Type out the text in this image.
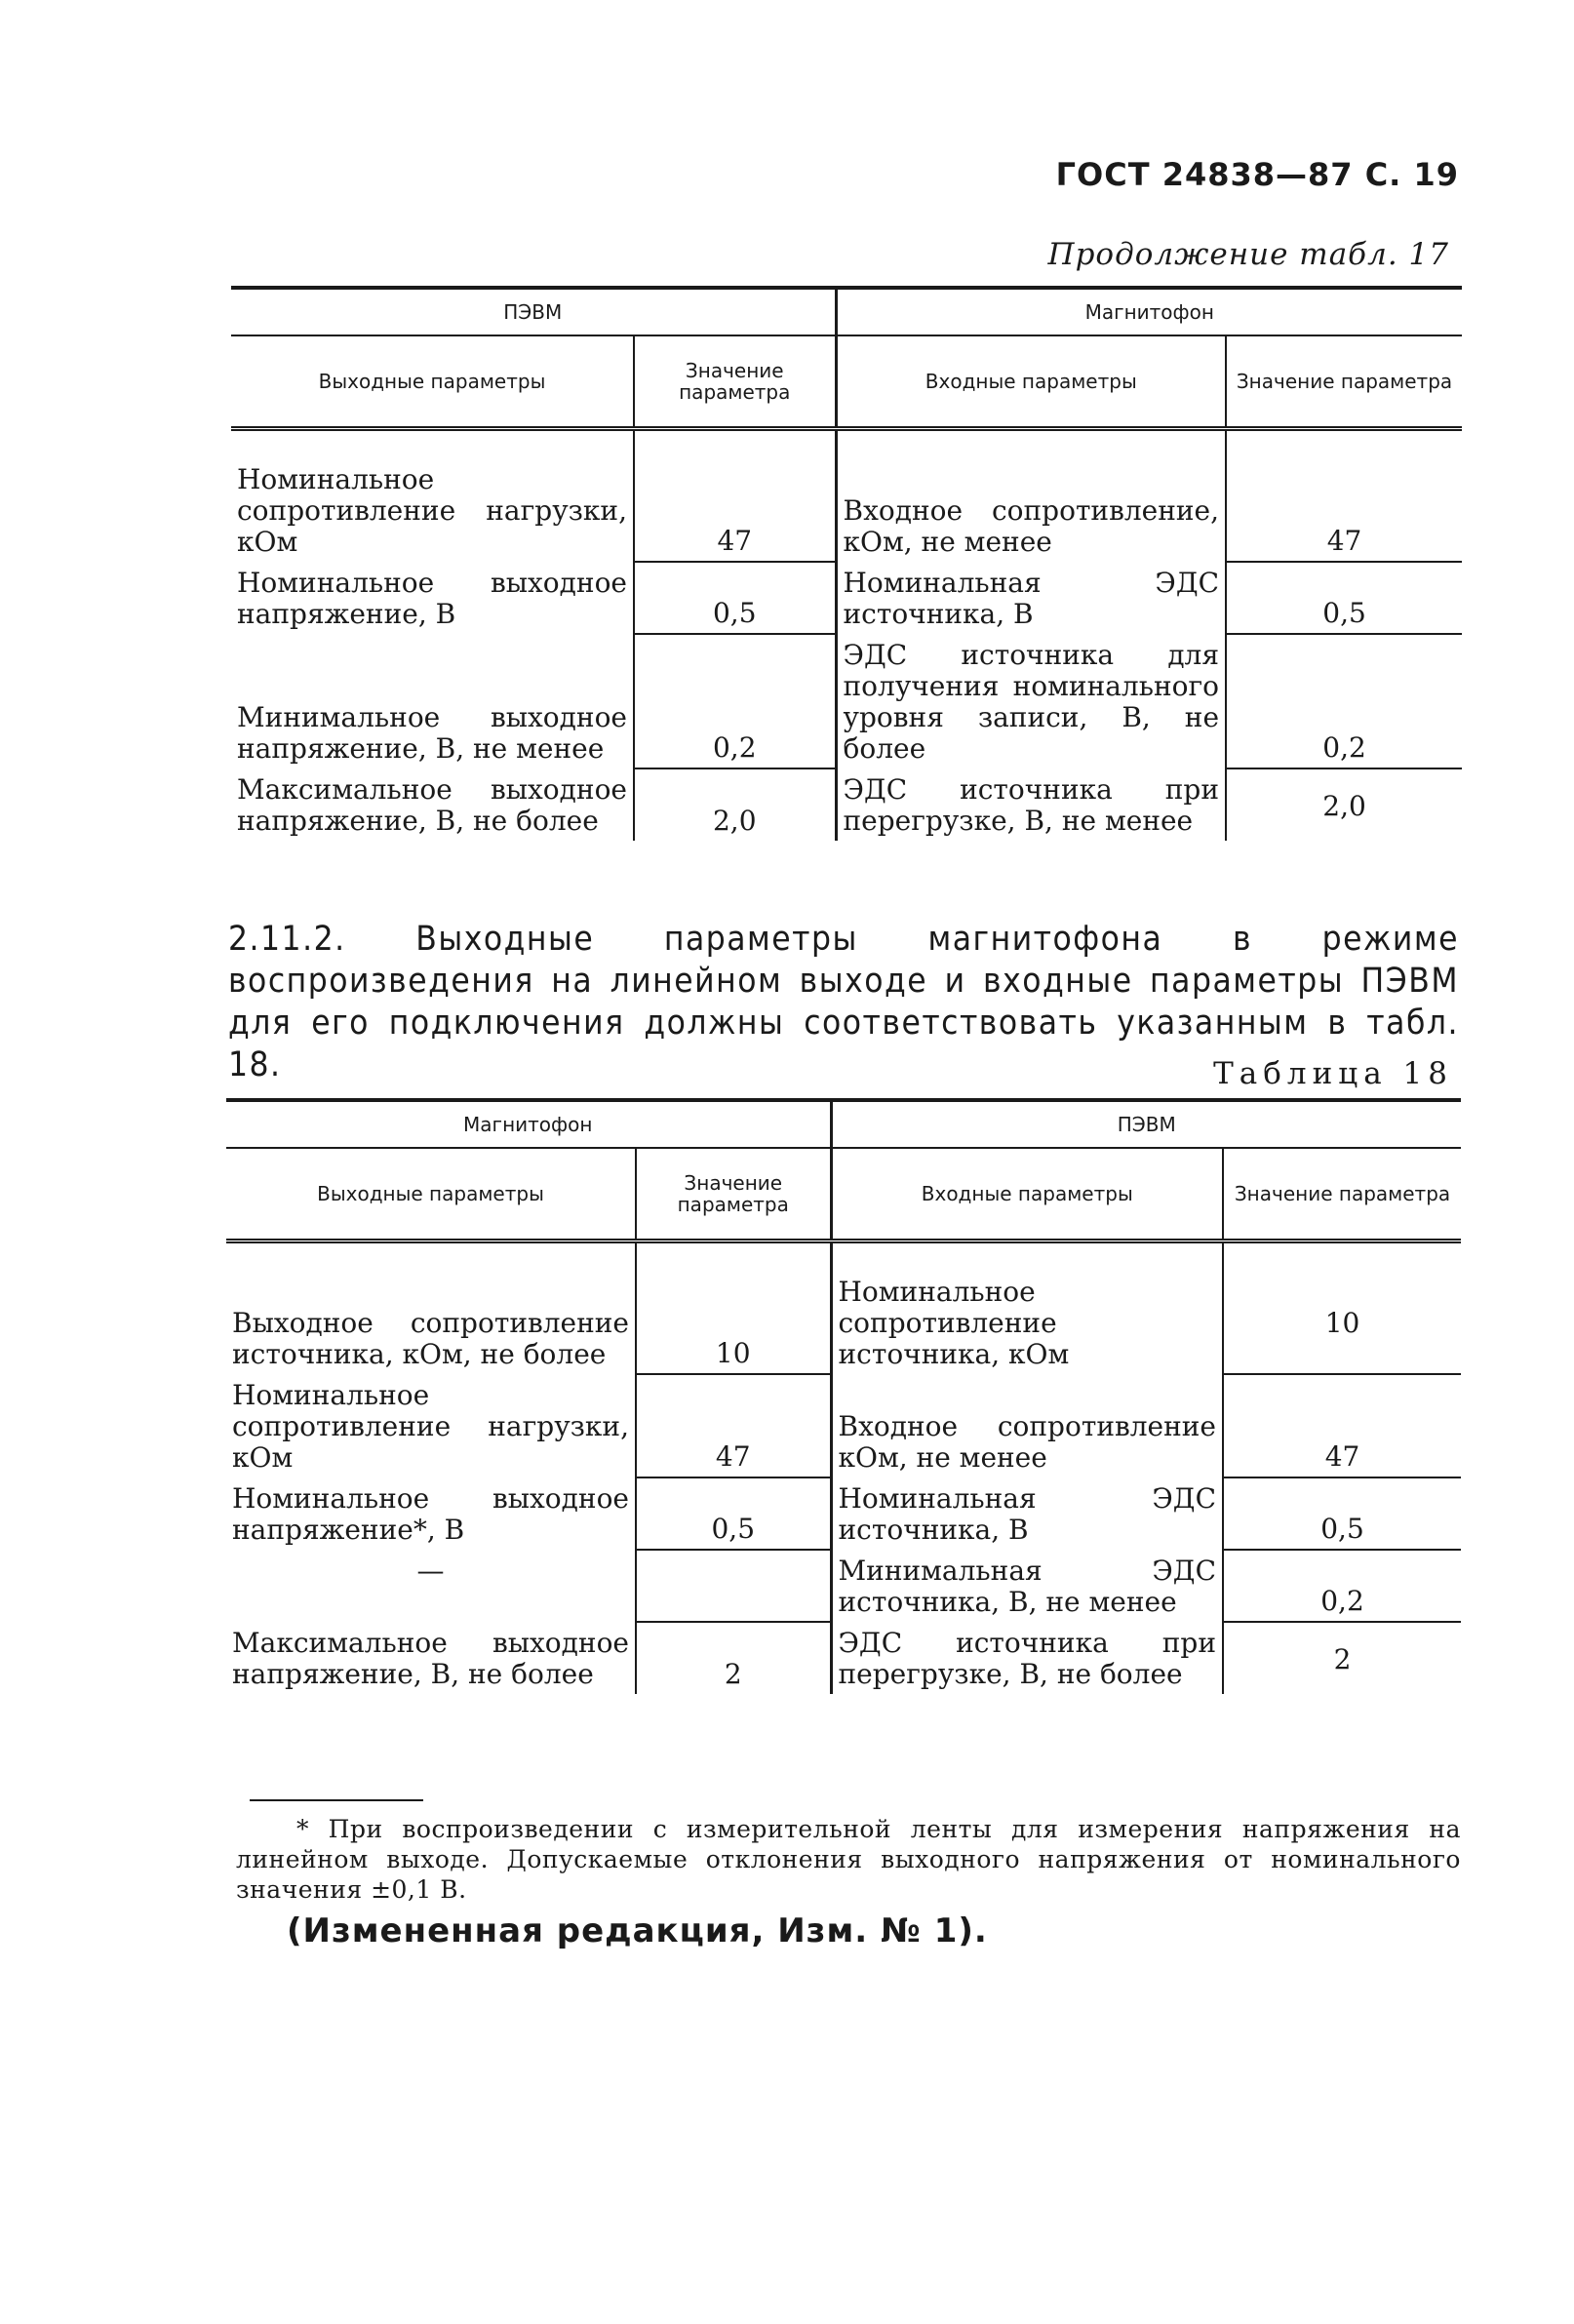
ГОСТ 24838—87 С. 19
Продолжение табл. 17
ПЭВМ		Магнитофон	
Выходные параметры	Значение параметра	Входные параметры	Значение параметра

Номинальное сопротивление нагрузки, кОм	47	Входное сопротивление, кОм, не менее	47
Номинальное выходное напряжение, В	0,5	Номинальная ЭДС источника, В	0,5
Минимальное выходное напряжение, В, не менее	0,2	ЭДС источника для получения номинального уровня записи, В, не более	0,2
Максимальное выходное напряжение, В, не более	2,0	ЭДС источника при перегрузке, В, не менее	2,0
2.11.2. Выходные параметры магнитофона в режиме воспроизведения на линейном выходе и входные параметры ПЭВМ для его подключения должны соответствовать указанным в табл. 18.	Таблица 18
Магнитофон		ПЭВМ	
Выходные параметры	Значение параметра	Входные параметры	Значение параметра

Выходное сопротивление источника, кОм, не более	10	Номинальное сопротивление источника, кОм	10
Номинальное сопротивление нагрузки, кОм	47	Входное сопротивление кОм, не менее	47
Номинальное выходное напряжение*, В	0,5	Номинальная ЭДС источника, В	0,5
—		Минимальная ЭДС источника, В, не менее	0,2
Максимальное выходное напряжение, В, не более	2	ЭДС источника при перегрузке, В, не более	2
* При воспроизведении с измерительной ленты для измерения напряжения на линейном выходе. Допускаемые отклонения выходного напряжения от номинального значения ±0,1 В.
(Измененная редакция, Изм. № 1).
